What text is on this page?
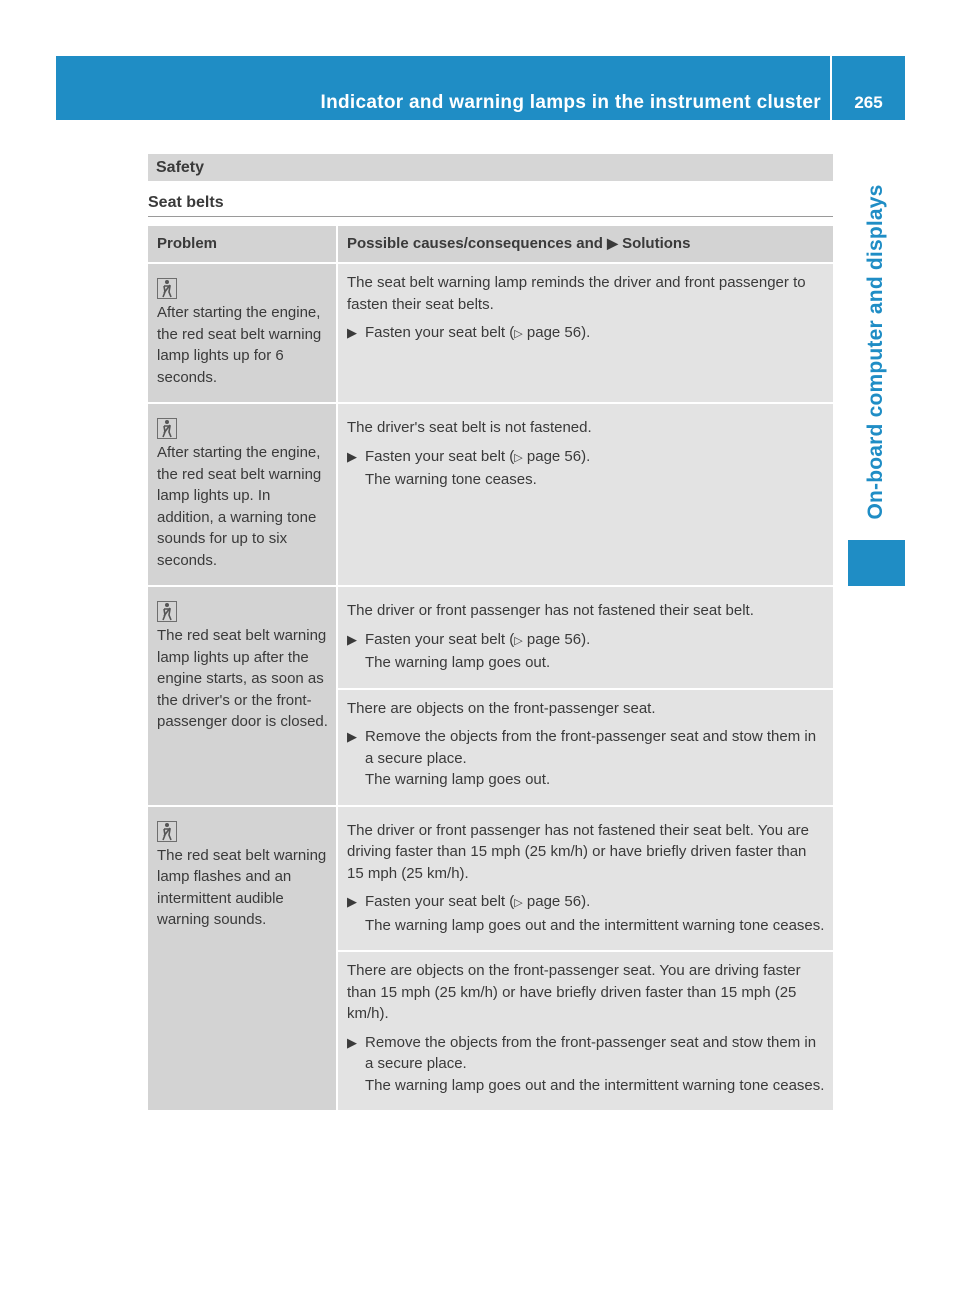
Indicator and warning lamps in the instrument cluster	265
On-board computer and displays
Safety
Seat belts
Problem	Possible causes/consequences and ▶ Solutions

After starting the engine, the red seat belt warning lamp lights up for 6 seconds.	The seat belt warning lamp reminds the driver and front passenger to fasten their seat belts.

▶ Fasten your seat belt (▷ page 56).

After starting the engine, the red seat belt warning lamp lights up. In addition, a warning tone sounds for up to six seconds.	The driver's seat belt is not fastened.

▶ Fasten your seat belt (▷ page 56).
The warning tone ceases.

The red seat belt warning lamp lights up after the engine starts, as soon as the driver's or the front-passenger door is closed.	The driver or front passenger has not fastened their seat belt.

▶ Fasten your seat belt (▷ page 56).
The warning lamp goes out.

	There are objects on the front-passenger seat.

▶ Remove the objects from the front-passenger seat and stow them in a secure place.
The warning lamp goes out.

The red seat belt warning lamp flashes and an intermittent audible warning sounds.	The driver or front passenger has not fastened their seat belt. You are driving faster than 15 mph (25 km/h) or have briefly driven faster than 15 mph (25 km/h).

▶ Fasten your seat belt (▷ page 56).
The warning lamp goes out and the intermittent warning tone ceases.

	There are objects on the front-passenger seat. You are driving faster than 15 mph (25 km/h) or have briefly driven faster than 15 mph (25 km/h).

▶ Remove the objects from the front-passenger seat and stow them in a secure place.
The warning lamp goes out and the intermittent warning tone ceases.
